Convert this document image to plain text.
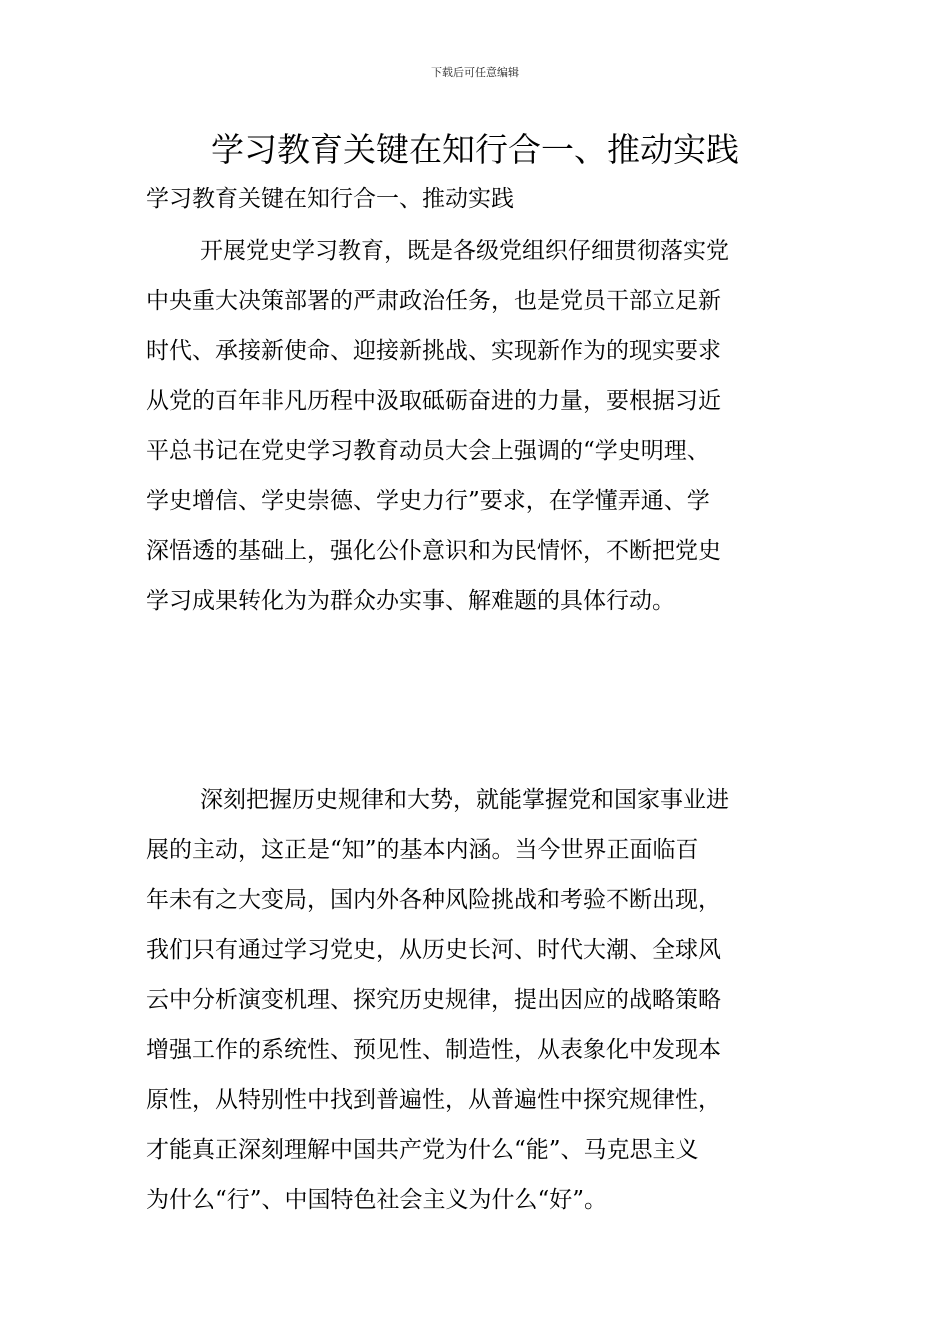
下载后可任意编辑
学习教育关键在知行合一、推动实践

学习教育关键在知行合一、推动实践

开展党史学习教育，既是各级党组织仔细贯彻落实党
中央重大决策部署的严肃政治任务，也是党员干部立足新
时代、承接新使命、迎接新挑战、实现新作为的现实要求
从党的百年非凡历程中汲取砥砺奋进的力量，要根据习近
平总书记在党史学习教育动员大会上强调的“学史明理、
学史增信、学史崇德、学史力行”要求，在学懂弄通、学
深悟透的基础上，强化公仆意识和为民情怀，不断把党史
学习成果转化为为群众办实事、解难题的具体行动。
深刻把握历史规律和大势，就能掌握党和国家事业进
展的主动，这正是“知”的基本内涵。当今世界正面临百
年未有之大变局，国内外各种风险挑战和考验不断出现，
我们只有通过学习党史，从历史长河、时代大潮、全球风
云中分析演变机理、探究历史规律，提出因应的战略策略
增强工作的系统性、预见性、制造性，从表象化中发现本
原性，从特别性中找到普遍性，从普遍性中探究规律性，
才能真正深刻理解中国共产党为什么“能”、马克思主义
为什么“行”、中国特色社会主义为什么“好”。
